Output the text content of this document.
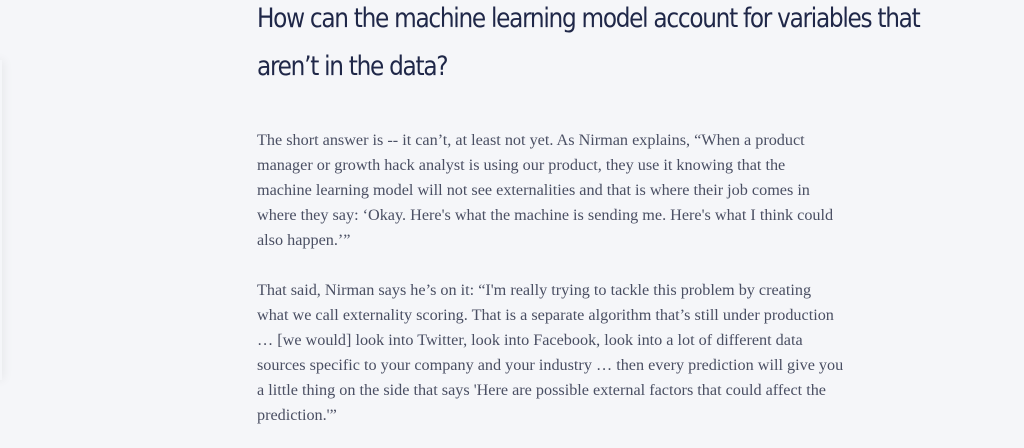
How can the machine learning model account for variables that
aren’t in the data?

The short answer is -- it can’t, at least not yet. As Nirman explains, “When a product
manager or growth hack analyst is using our product, they use it knowing that the
machine learning model will not see externalities and that is where their job comes in
where they say: ‘Okay. Here's what the machine is sending me. Here's what I think could
also happen.’”

That said, Nirman says he’s on it: “I'm really trying to tackle this problem by creating
what we call externality scoring. That is a separate algorithm that’s still under production
… [we would] look into Twitter, look into Facebook, look into a lot of different data
sources specific to your company and your industry … then every prediction will give you
a little thing on the side that says 'Here are possible external factors that could affect the
prediction.'”
